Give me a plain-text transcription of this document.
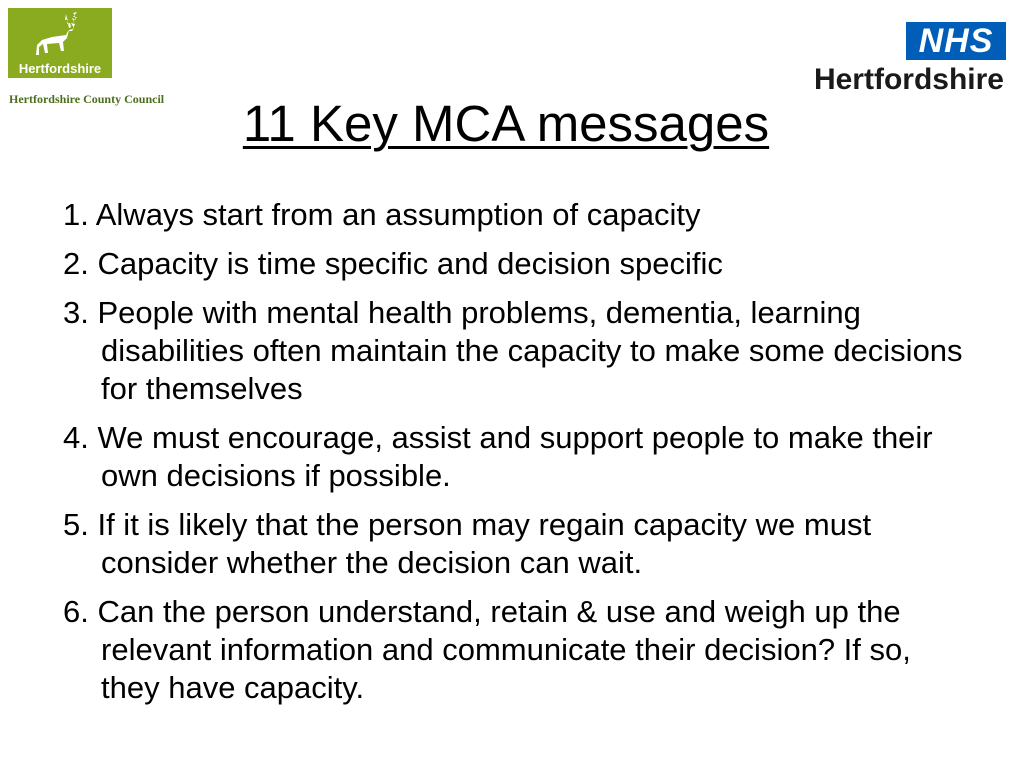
Hertfordshire
Hertfordshire County Council
NHS
Hertfordshire
11 Key MCA messages
1. Always start from an assumption of capacity
2. Capacity is time specific and decision specific
3. People with mental health problems, dementia, learning disabilities often maintain the capacity to make some decisions for themselves
4. We must encourage, assist and support people to make their own decisions if possible.
5. If it is likely that the person may regain capacity we must consider whether the decision can wait.
6. Can the person understand, retain & use and weigh up the relevant information and communicate their decision? If so, they have capacity.
